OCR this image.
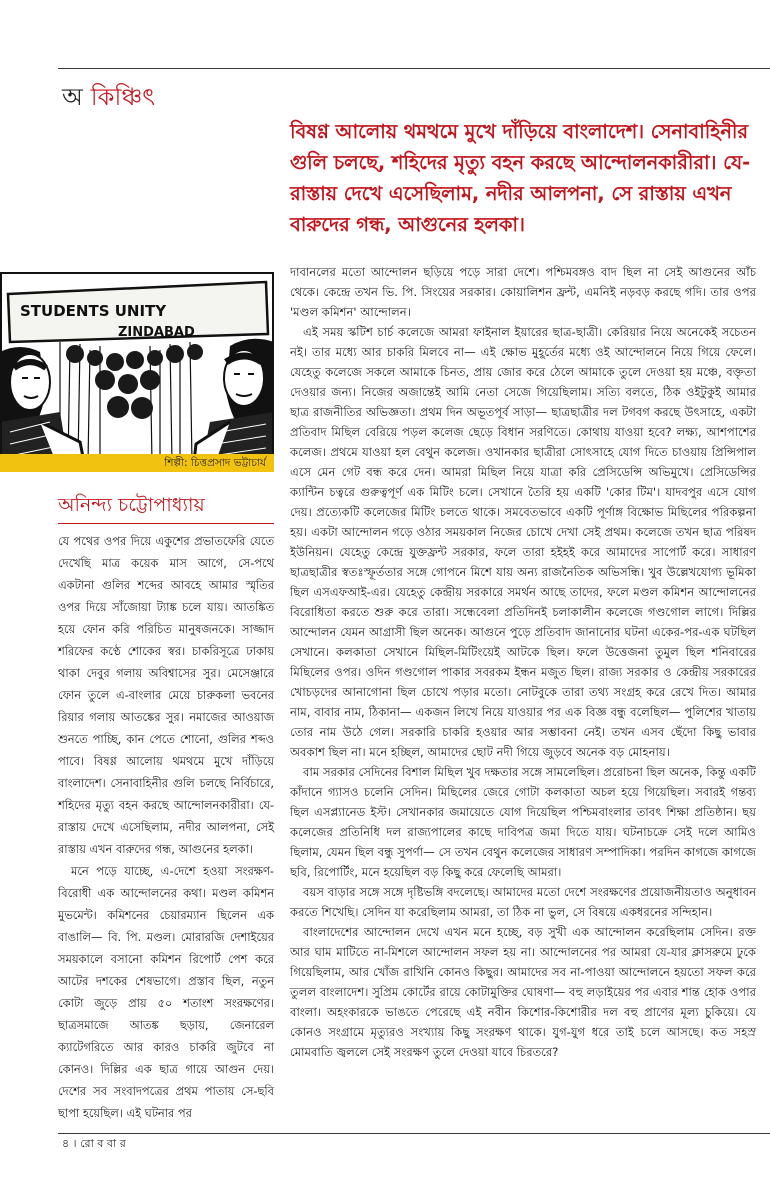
অ কিঞ্চিৎ
বিষণ্ণ আলোয় থমথমে মুখে দাঁড়িয়ে বাংলাদেশ। সেনাবাহিনীর গুলি চলছে, শহিদের মৃত্যু বহন করছে আন্দোলনকারীরা। যে-রাস্তায় দেখে এসেছিলাম, নদীর আলপনা, সে রাস্তায় এখন বারুদের গন্ধ, আগুনের হলকা।
STUDENTS UNITY
ZINDABAD
শিল্পী: চিত্তপ্রসাদ ভট্টাচার্য
অনিন্দ্য চট্টোপাধ্যায়

যে পথের ওপর দিয়ে একুশের প্রভাতফেরি যেতে দেখেছি মাত্র কয়েক মাস আগে, সে-পথে একটানা গুলির শব্দের আবহে আমার স্মৃতির ওপর দিয়ে সাঁজোয়া ট্যাঙ্ক চলে যায়। আতঙ্কিত হয়ে ফোন করি পরিচিত মানুষজনকে। সাজ্জাদ শরিফের কণ্ঠে শোকের স্বর। চাকরিসূত্রে ঢাকায় থাকা দেবুর গলায় অবিশ্বাসের সুর। মেসেঞ্জারে ফোন তুলে এ-বাংলার মেয়ে চারুকলা ভবনের রিয়ার গলায় আতঙ্কের সুর। নমাজের আওয়াজ শুনতে পাচ্ছি, কান পেতে শোনো, গুলির শব্দও পাবে। বিষণ্ণ আলোয় থমথমে মুখে দাঁড়িয়ে বাংলাদেশ। সেনাবাহিনীর গুলি চলছে নির্বিচারে, শহিদের মৃত্যু বহন করছে আন্দোলনকারীরা। যে-রাস্তায় দেখে এসেছিলাম, নদীর আলপনা, সেই রাস্তায় এখন বারুদের গন্ধ, আগুনের হলকা।

মনে পড়ে যাচ্ছে, এ-দেশে হওয়া সংরক্ষণ-বিরোধী এক আন্দোলনের কথা। মণ্ডল কমিশন মুভমেন্ট। কমিশনের চেয়ারম্যান ছিলেন এক বাঙালি— বি. পি. মণ্ডল। মোরারজি দেশাইয়ের সময়কালে বসানো কমিশন রিপোর্ট পেশ করে আটের দশকের শেষভাগে। প্রস্তাব ছিল, নতুন কোটা জুড়ে প্রায় ৫০ শতাংশ সংরক্ষণের। ছাত্রসমাজে আতঙ্ক ছড়ায়, জেনারেল ক্যাটেগরিতে আর কারও চাকরি জুটবে না কোনও। দিল্লির এক ছাত্র গায়ে আগুন দেয়। দেশের সব সংবাদপত্রের প্রথম পাতায় সে-ছবি ছাপা হয়েছিল। এই ঘটনার পর

দাবানলের মতো আন্দোলন ছড়িয়ে পড়ে সারা দেশে। পশ্চিমবঙ্গও বাদ ছিল না সেই আগুনের আঁচ থেকে। কেন্দ্রে তখন ভি. পি. সিংয়ের সরকার। কোয়ালিশন ফ্রন্ট, এমনিই নড়বড় করছে গদি। তার ওপর 'মণ্ডল কমিশন' আন্দোলন।

এই সময় স্কটিশ চার্চ কলেজে আমরা ফাইনাল ইয়ারের ছাত্র-ছাত্রী। কেরিয়ার নিয়ে অনেকেই সচেতন নই। তার মধ্যে আর চাকরি মিলবে না— এই ক্ষোভ মুহূর্তের মধ্যে ওই আন্দোলনে নিয়ে গিয়ে ফেলে। যেহেতু কলেজে সকলে আমাকে চিনত, প্রায় জোর করে ঠেলে আমাকে তুলে দেওয়া হয় মঞ্চে, বক্তৃতা দেওয়ার জন্য। নিজের অজান্তেই আমি নেতা সেজে গিয়েছিলাম। সত্যি বলতে, ঠিক ওইটুকুই আমার ছাত্র রাজনীতির অভিজ্ঞতা। প্রথম দিন অভূতপূর্ব সাড়া— ছাত্রছাত্রীর দল টগবগ করছে উৎসাহে, একটা প্রতিবাদ মিছিল বেরিয়ে পড়ল কলেজ ছেড়ে বিধান সরণিতে। কোথায় যাওয়া হবে? লক্ষ্য, আশপাশের কলেজ। প্রথমে যাওয়া হল বেথুন কলেজ। ওখানকার ছাত্রীরা সোৎসাহে যোগ দিতে চাওয়ায় প্রিন্সিপাল এসে মেন গেট বন্ধ করে দেন। আমরা মিছিল নিয়ে যাত্রা করি প্রেসিডেন্সি অভিমুখে। প্রেসিডেন্সির ক্যান্টিন চত্বরে গুরুত্বপূর্ণ এক মিটিং চলে। সেখানে তৈরি হয় একটি 'কোর টিম'। যাদবপুর এসে যোগ দেয়। প্রত্যেকটি কলেজের মিটিং চলতে থাকে। সমবেতভাবে একটি পূর্ণাঙ্গ বিক্ষোভ মিছিলের পরিকল্পনা হয়। একটা আন্দোলন গড়ে ওঠার সময়কাল নিজের চোখে দেখা সেই প্রথম। কলেজে তখন ছাত্র পরিষদ ইউনিয়ন। যেহেতু কেন্দ্রে যুক্তফ্রন্ট সরকার, ফলে তারা হইহই করে আমাদের সাপোর্ট করে। সাধারণ ছাত্রছাত্রীর স্বতঃস্ফূর্ততার সঙ্গে গোপনে মিশে যায় অন্য রাজনৈতিক অভিসন্ধি। খুব উল্লেখযোগ্য ভূমিকা ছিল এসএফআই-এর। যেহেতু কেন্দ্রীয় সরকারে সমর্থন আছে তাদের, ফলে মণ্ডল কমিশন আন্দোলনের বিরোধিতা করতে শুরু করে তারা। সন্ধেবেলা প্রতিদিনই চলাকালীন কলেজে গণ্ডগোল লাগে। দিল্লির আন্দোলন যেমন আগ্রাসী ছিল অনেক। আগুনে পুড়ে প্রতিবাদ জানানোর ঘটনা একের-পর-এক ঘটছিল সেখানে। কলকাতা সেখানে মিছিল-মিটিংয়েই আটকে ছিল। ফলে উত্তেজনা তুমুল ছিল শনিবারের মিছিলের ওপর। ওদিন গণ্ডগোল পাকার সবরকম ইন্ধন মজুত ছিল। রাজ্য সরকার ও কেন্দ্রীয় সরকারের খোচড়দের আনাগোনা ছিল চোখে পড়ার মতো। নোটবুকে তারা তথ্য সংগ্রহ করে রেখে দিত। আমার নাম, বাবার নাম, ঠিকানা— একজন লিখে নিয়ে যাওয়ার পর এক বিজ্ঞ বন্ধু বলেছিল— পুলিশের খাতায় তোর নাম উঠে গেল। সরকারি চাকরি হওয়ার আর সম্ভাবনা নেই। তখন এসব ছেঁদো কিছু ভাবার অবকাশ ছিল না। মনে হচ্ছিল, আমাদের ছোট নদী গিয়ে জুড়বে অনেক বড় মোহনায়।

বাম সরকার সেদিনের বিশাল মিছিল খুব দক্ষতার সঙ্গে সামলেছিল। প্ররোচনা ছিল অনেক, কিন্তু একটি কাঁদানে গ্যাসও চলেনি সেদিন। মিছিলের জেরে গোটা কলকাতা অচল হয়ে গিয়েছিল। সবারই গন্তব্য ছিল এসপ্ল্যানেড ইস্ট। সেখানকার জমায়েতে যোগ দিয়েছিল পশ্চিমবাংলার তাবৎ শিক্ষা প্রতিষ্ঠান। ছয় কলেজের প্রতিনিধি দল রাজ্যপালের কাছে দাবিপত্র জমা দিতে যায়। ঘটনাচক্রে সেই দলে আমিও ছিলাম, যেমন ছিল বন্ধু সুপর্ণা— সে তখন বেথুন কলেজের সাধারণ সম্পাদিকা। পরদিন কাগজে কাগজে ছবি, রিপোর্টিং, মনে হয়েছিল বড় কিছু করে ফেলেছি আমরা।

বয়স বাড়ার সঙ্গে সঙ্গে দৃষ্টিভঙ্গি বদলেছে। আমাদের মতো দেশে সংরক্ষণের প্রয়োজনীয়তাও অনুধাবন করতে শিখেছি। সেদিন যা করেছিলাম আমরা, তা ঠিক না ভুল, সে বিষয়ে একধরনের সন্দিহান।

বাংলাদেশের আন্দোলন দেখে এখন মনে হচ্ছে, বড় সুখী এক আন্দোলন করেছিলাম সেদিন। রক্ত আর ঘাম মাটিতে না-মিশলে আন্দোলন সফল হয় না। আন্দোলনের পর আমরা যে-যার ক্লাসরুমে ঢুকে গিয়েছিলাম, আর খোঁজ রাখিনি কোনও কিছুর। আমাদের সব না-পাওয়া আন্দোলনে হয়তো সফল করে তুলল বাংলাদেশ। সুপ্রিম কোর্টের রায়ে কোটামুক্তির ঘোষণা— বহু লড়াইয়ের পর এবার শান্ত হোক ওপার বাংলা। অহংকারকে ভাঙতে পেরেছে এই নবীন কিশোর-কিশোরীর দল বহু প্রাণের মূল্য চুকিয়ে। যে কোনও সংগ্রামে মৃত্যুরও সংখ্যায় কিছু সংরক্ষণ থাকে। যুগ-যুগ ধরে তাই চলে আসছে। কত সহস্র মোমবাতি জ্বললে সেই সংরক্ষণ তুলে দেওয়া যাবে চিরতরে?

৪ । রো ব বা র
